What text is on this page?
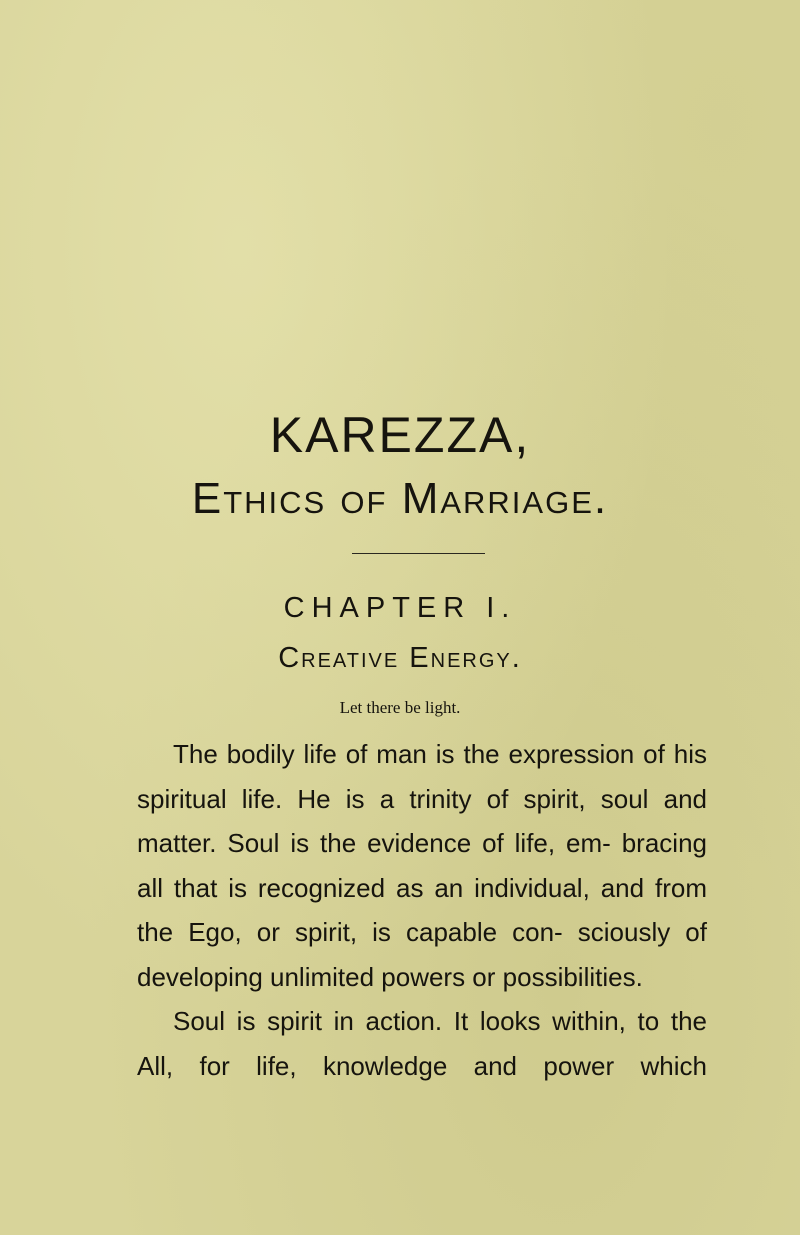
KAREZZA,
Ethics of Marriage.
CHAPTER I.
Creative Energy.
Let there be light.

The bodily life of man is the expression of his spiritual life. He is a trinity of spirit, soul and matter. Soul is the evidence of life, em- bracing all that is recognized as an individual, and from the Ego, or spirit, is capable con- sciously of developing unlimited powers or possibilities.

Soul is spirit in action. It looks within, to the All, for life, knowledge and power which
